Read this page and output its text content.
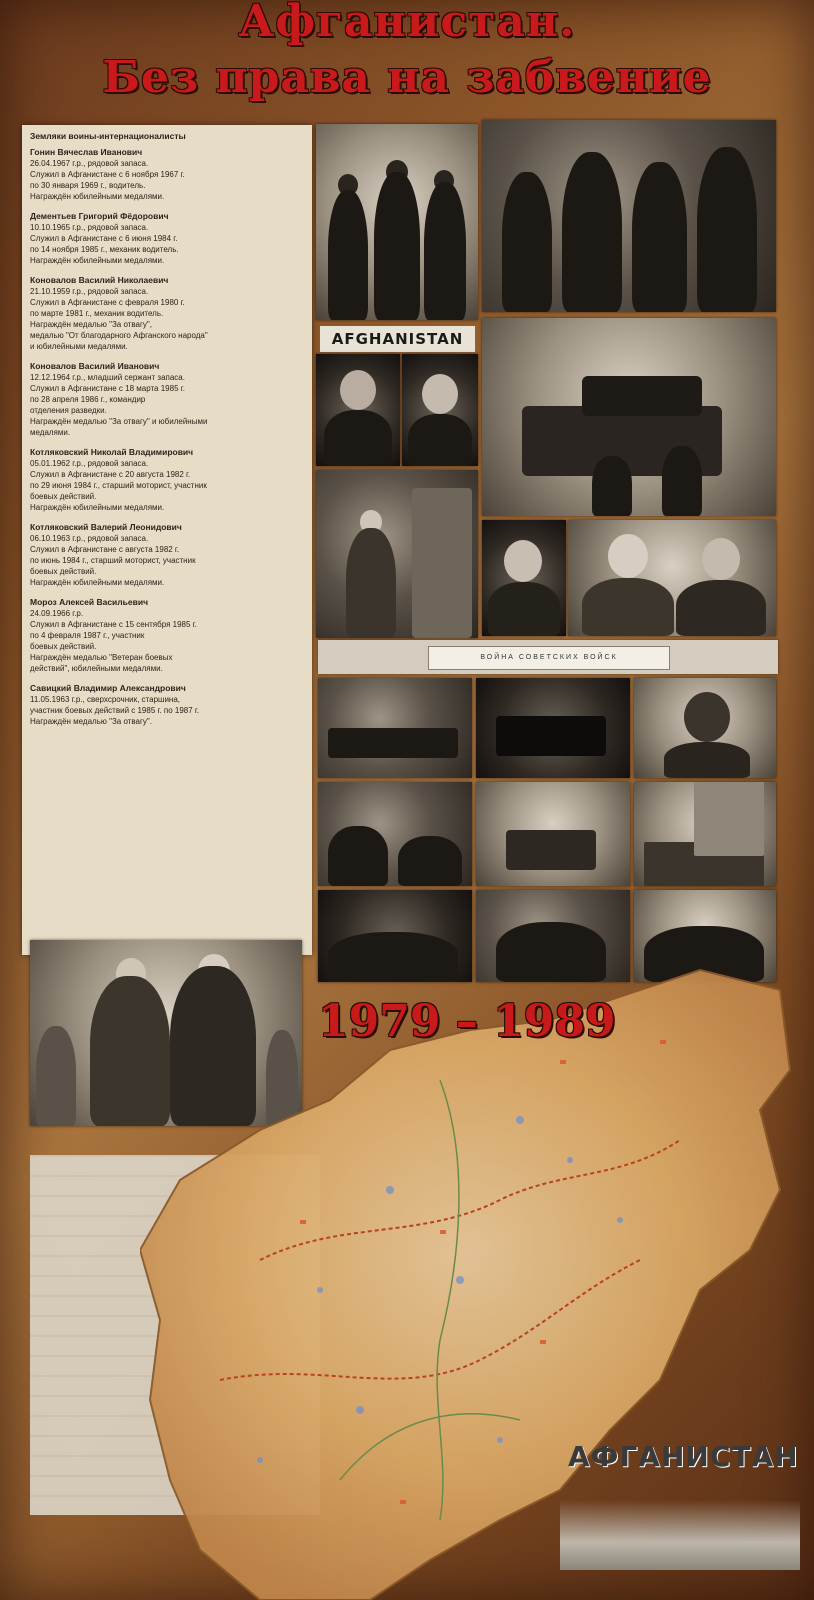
Афганистан.
Без права на забвение
Земляки воины-интернационалисты
Гонин Вячеслав Иванович
26.04.1967 г.р., рядовой запаса.
Служил в Афганистане с 6 ноября 1967 г.
по 30 января 1969 г., водитель.
Награждён юбилейными медалями.
Дементьев Григорий Фёдорович
10.10.1965 г.р., рядовой запаса.
Служил в Афганистане с 6 июня 1984 г.
по 14 ноября 1985 г., механик водитель.
Награждён юбилейными медалями.
Коновалов Василий Николаевич
21.10.1959 г.р., рядовой запаса.
Служил в Афганистане с февраля 1980 г.
по марте 1981 г., механик водитель.
Награждён медалью "За отвагу",
медалью "От благодарного Афганского народа"
и юбилейными медалями.
Коновалов Василий Иванович
12.12.1964 г.р., младший сержант запаса.
Служил в Афганистане с 18 марта 1985 г.
по 28 апреля 1986 г., командир
отделения разведки.
Награждён медалью "За отвагу" и юбилейными
медалями.
Котляковский Николай Владимирович
05.01.1962 г.р., рядовой запаса.
Служил в Афганистане с 20 августа 1982 г.
по 29 июня 1984 г., старший моторист, участник
боевых действий.
Награждён юбилейными медалями.
Котляковский Валерий Леонидович
06.10.1963 г.р., рядовой запаса.
Служил в Афганистане с августа 1982 г.
по июнь 1984 г., старший моторист, участник
боевых действий.
Награждён юбилейными медалями.
Мороз Алексей Васильевич
24.09.1966 г.р.
Служил в Афганистане с 15 сентября 1985 г.
по 4 февраля 1987 г., участник
боевых действий.
Награждён медалью "Ветеран боевых
действий", юбилейными медалями.
Савицкий Владимир Александрович
11.05.1963 г.р., сверхсрочник, старшина,
участник боевых действий с 1985 г. по 1987 г.
Награждён медалью "За отвагу".
AFGHANISTAN
ВОЙНА СОВЕТСКИХ ВОЙСК
1979 – 1989
АФГАНИСТАН
